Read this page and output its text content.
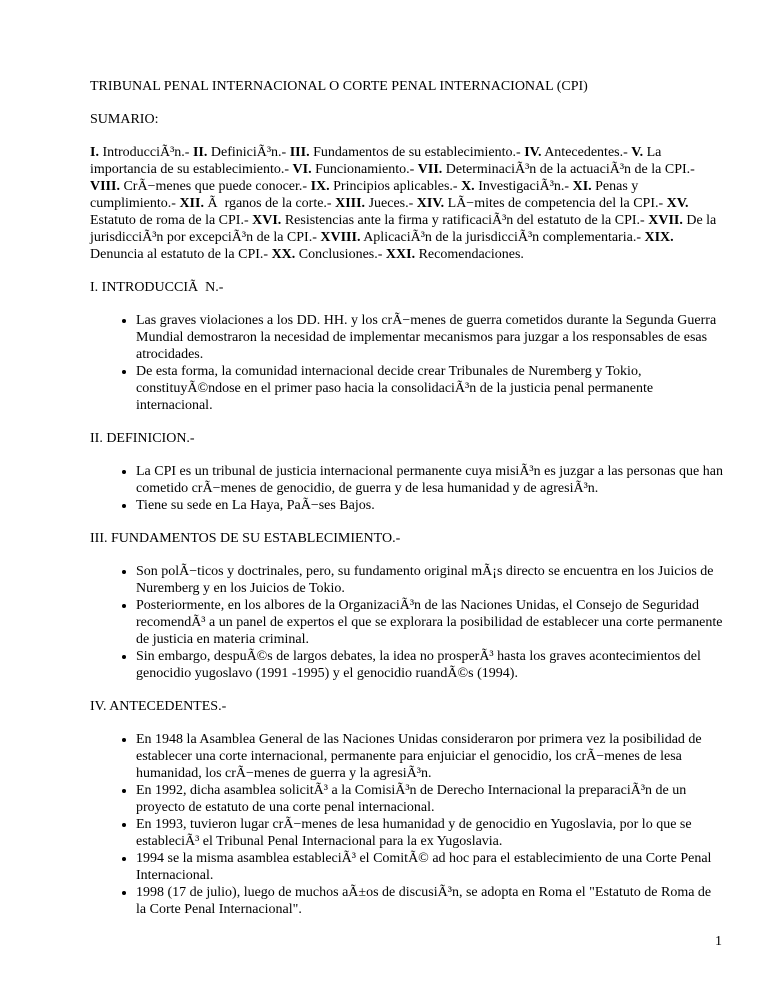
TRIBUNAL PENAL INTERNACIONAL O CORTE PENAL INTERNACIONAL (CPI)

SUMARIO:

I. IntroducciÃ³n.- II. DefiniciÃ³n.- III. Fundamentos de su establecimiento.- IV. Antecedentes.- V. La importancia de su establecimiento.- VI. Funcionamiento.- VII. DeterminaciÃ³n de la actuaciÃ³n de la CPI.- VIII. CrÃ−menes que puede conocer.- IX. Principios aplicables.- X. InvestigaciÃ³n.- XI. Penas y cumplimiento.- XII. Ã  rganos de la corte.- XIII. Jueces.- XIV. LÃ−mites de competencia del la CPI.- XV. Estatuto de roma de la CPI.- XVI. Resistencias ante la firma y ratificaciÃ³n del estatuto de la CPI.- XVII. De la jurisdicciÃ³n por excepciÃ³n de la CPI.- XVIII. AplicaciÃ³n de la jurisdicciÃ³n complementaria.- XIX. Denuncia al estatuto de la CPI.- XX. Conclusiones.- XXI. Recomendaciones.

I. INTRODUCCIÃ  N.-

• Las graves violaciones a los DD. HH. y los crÃ−menes de guerra cometidos durante la Segunda Guerra Mundial demostraron la necesidad de implementar mecanismos para juzgar a los responsables de esas atrocidades.
• De esta forma, la comunidad internacional decide crear Tribunales de Nuremberg y Tokio, constituyÃ©ndose en el primer paso hacia la consolidaciÃ³n de la justicia penal permanente internacional.

II. DEFINICION.-

• La CPI es un tribunal de justicia internacional permanente cuya misiÃ³n es juzgar a las personas que han cometido crÃ−menes de genocidio, de guerra y de lesa humanidad y de agresiÃ³n.
• Tiene su sede en La Haya, PaÃ−ses Bajos.

III. FUNDAMENTOS DE SU ESTABLECIMIENTO.-

• Son polÃ−ticos y doctrinales, pero, su fundamento original mÃ¡s directo se encuentra en los Juicios de Nuremberg y en los Juicios de Tokio.
• Posteriormente, en los albores de la OrganizaciÃ³n de las Naciones Unidas, el Consejo de Seguridad recomendÃ³ a un panel de expertos el que se explorara la posibilidad de establecer una corte permanente de justicia en materia criminal.
• Sin embargo, despuÃ©s de largos debates, la idea no prosperÃ³ hasta los graves acontecimientos del genocidio yugoslavo (1991 -1995) y el genocidio ruandÃ©s (1994).

IV. ANTECEDENTES.-

• En 1948 la Asamblea General de las Naciones Unidas consideraron por primera vez la posibilidad de establecer una corte internacional, permanente para enjuiciar el genocidio, los crÃ−menes de lesa humanidad, los crÃ−menes de guerra y la agresiÃ³n.
• En 1992, dicha asamblea solicitÃ³ a la ComisiÃ³n de Derecho Internacional la preparaciÃ³n de un proyecto de estatuto de una corte penal internacional.
• En 1993, tuvieron lugar crÃ−menes de lesa humanidad y de genocidio en Yugoslavia, por lo que se estableciÃ³ el Tribunal Penal Internacional para la ex Yugoslavia.
• 1994 se la misma asamblea estableciÃ³ el ComitÃ© ad hoc para el establecimiento de una Corte Penal Internacional.
• 1998 (17 de julio), luego de muchos aÃ±os de discusiÃ³n, se adopta en Roma el "Estatuto de Roma de la Corte Penal Internacional".
1
